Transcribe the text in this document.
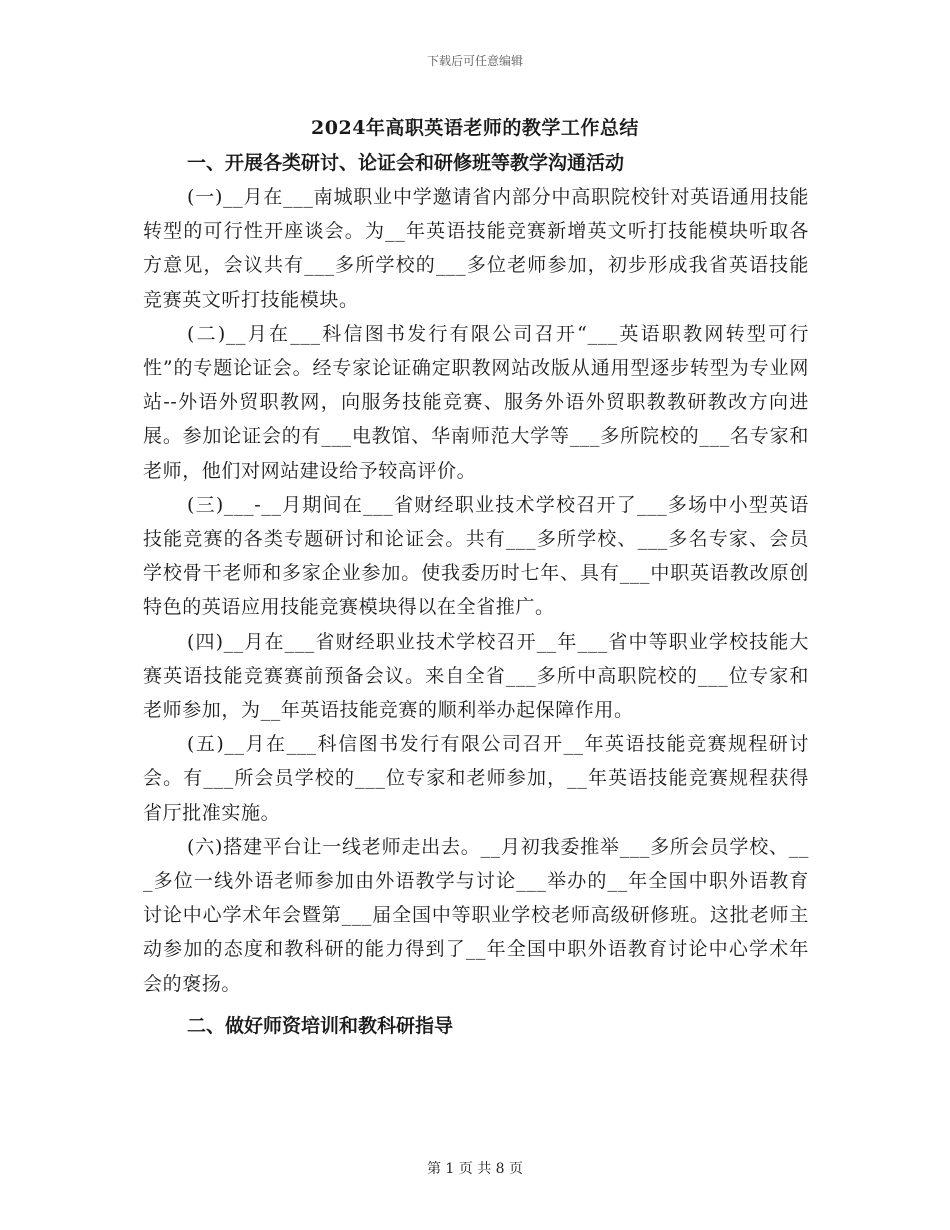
下载后可任意编辑
2024年高职英语老师的教学工作总结

一、开展各类研讨、论证会和研修班等教学沟通活动

(一)__月在___南城职业中学邀请省内部分中高职院校针对英语通用技能转型的可行性开座谈会。为__年英语技能竞赛新增英文听打技能模块听取各方意见，会议共有___多所学校的___多位老师参加，初步形成我省英语技能竞赛英文听打技能模块。

(二)__月在___科信图书发行有限公司召开“___英语职教网转型可行性”的专题论证会。经专家论证确定职教网站改版从通用型逐步转型为专业网站--外语外贸职教网，向服务技能竞赛、服务外语外贸职教教研教改方向进展。参加论证会的有___电教馆、华南师范大学等___多所院校的___名专家和老师，他们对网站建设给予较高评价。

(三)___-__月期间在___省财经职业技术学校召开了___多场中小型英语技能竞赛的各类专题研讨和论证会。共有___多所学校、___多名专家、会员学校骨干老师和多家企业参加。使我委历时七年、具有___中职英语教改原创特色的英语应用技能竞赛模块得以在全省推广。

(四)__月在___省财经职业技术学校召开__年___省中等职业学校技能大赛英语技能竞赛赛前预备会议。来自全省___多所中高职院校的___位专家和老师参加，为__年英语技能竞赛的顺利举办起保障作用。

(五)__月在___科信图书发行有限公司召开__年英语技能竞赛规程研讨会。有___所会员学校的___位专家和老师参加，__年英语技能竞赛规程获得省厅批准实施。

(六)搭建平台让一线老师走出去。__月初我委推举___多所会员学校、___多位一线外语老师参加由外语教学与讨论___举办的__年全国中职外语教育讨论中心学术年会暨第___届全国中等职业学校老师高级研修班。这批老师主动参加的态度和教科研的能力得到了__年全国中职外语教育讨论中心学术年会的褒扬。

二、做好师资培训和教科研指导

第 1 页 共 8 页
